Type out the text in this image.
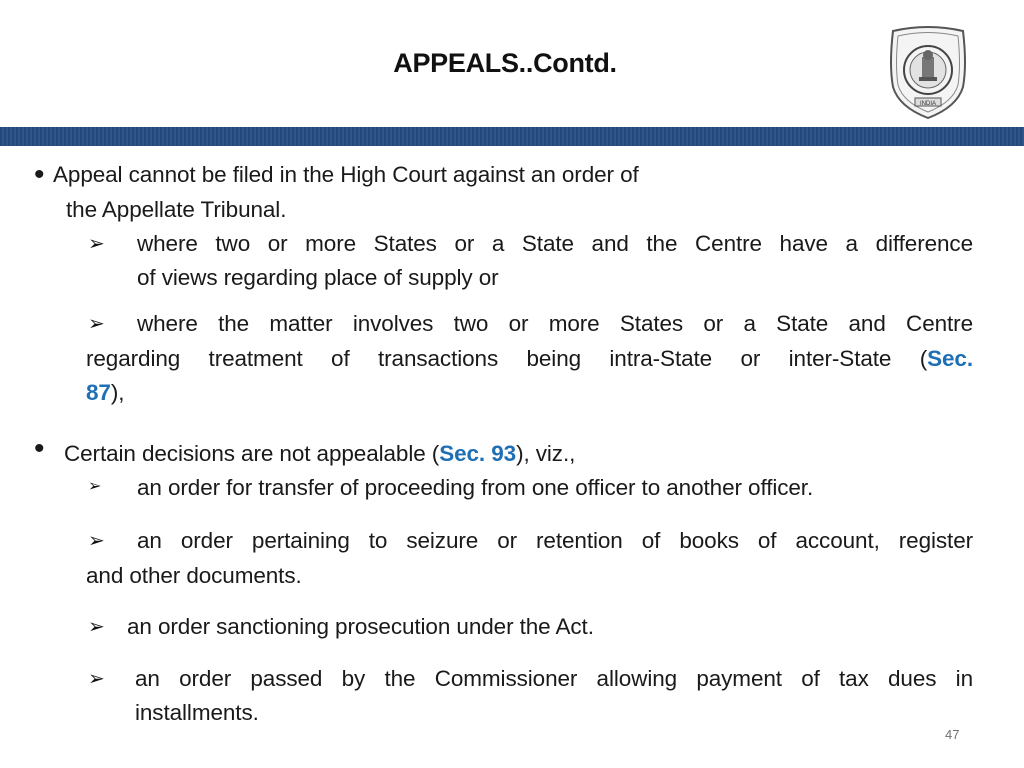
APPEALS..Contd.
INDIA
• Appeal cannot be filed in the High Court against an order of
the Appellate Tribunal.
➢ where two or more States or a State and the Centre have a difference
of views regarding place of supply or
➢ where the matter involves two or more States or a State and Centre
regarding treatment of transactions being intra-State or inter-State (Sec.
87),
• Certain decisions are not appealable (Sec. 93), viz.,
➢ an order for transfer of proceeding from one officer to another officer.
➢ an order pertaining to seizure or retention of books of account, register
and other documents.
➢ an order sanctioning prosecution under the Act.
➢ an order passed by the Commissioner allowing payment of tax dues in
installments.
47
